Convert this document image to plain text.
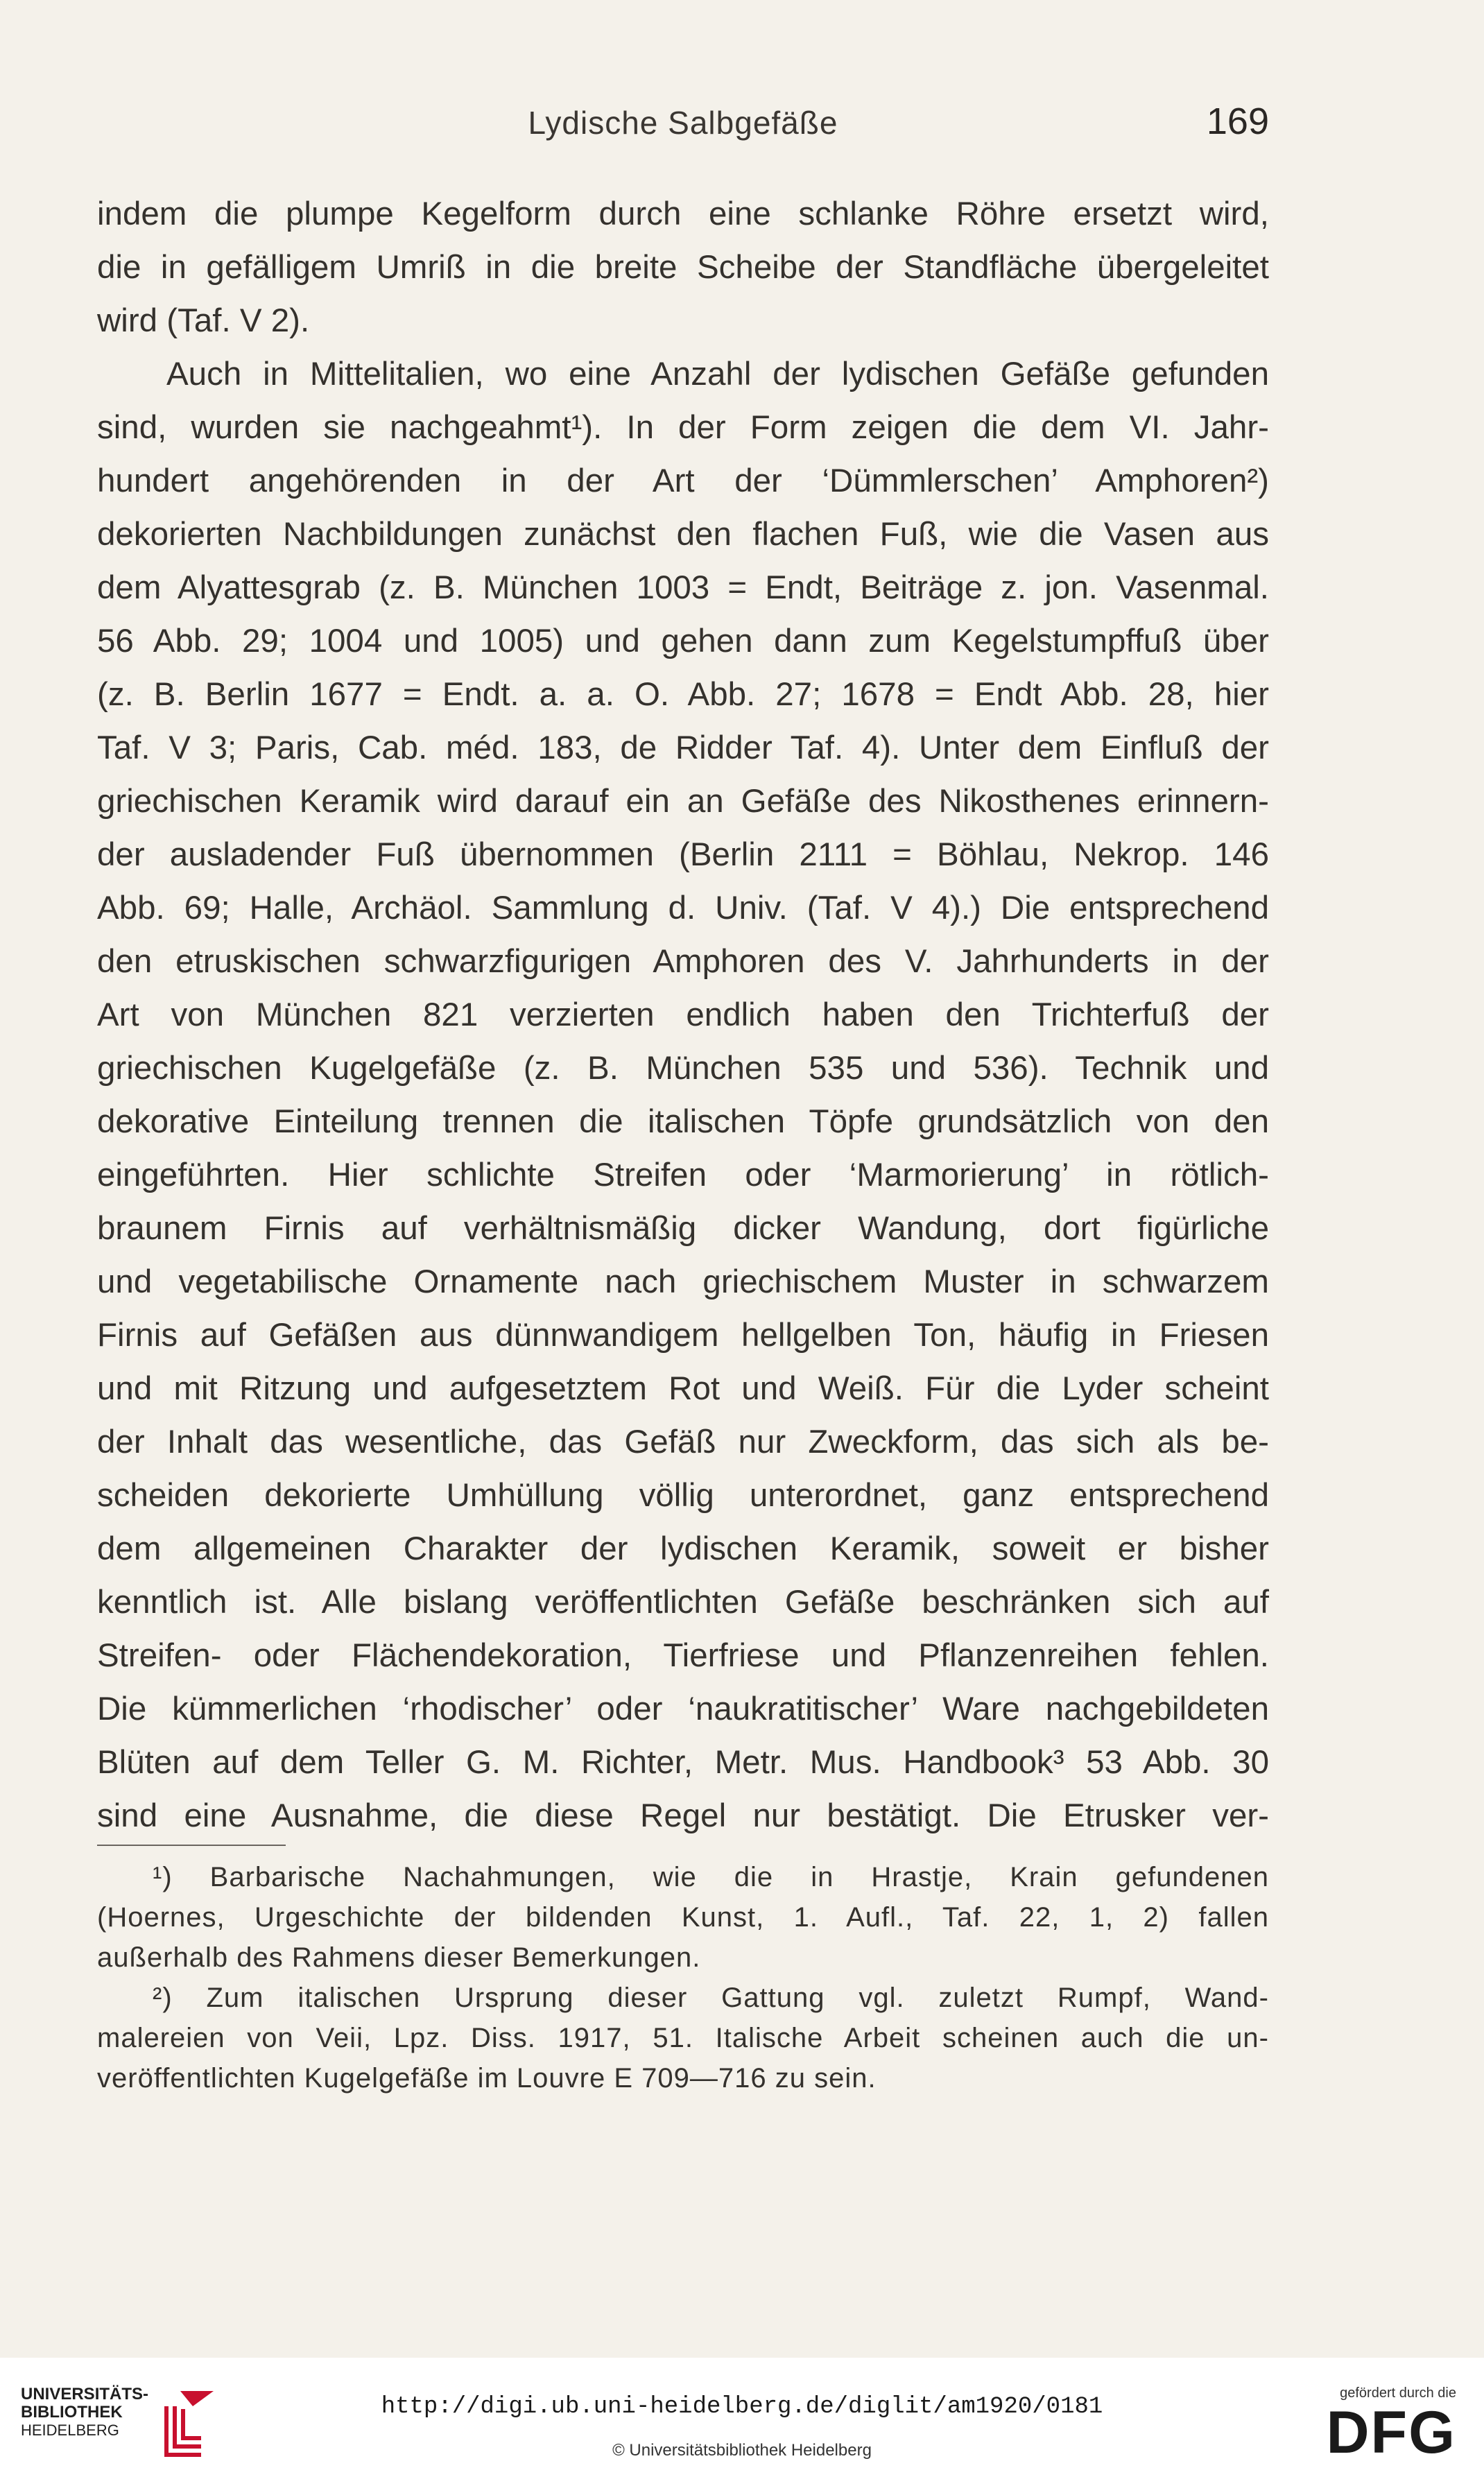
Lydische Salbgefäße	169
indem die plumpe Kegelform durch eine schlanke Röhre ersetzt wird,
die in gefälligem Umriß in die breite Scheibe der Standfläche übergeleitet
wird (Taf. V 2).
Auch in Mittelitalien, wo eine Anzahl der lydischen Gefäße gefunden
sind, wurden sie nachgeahmt¹). In der Form zeigen die dem VI. Jahr-
hundert angehörenden in der Art der ‘Dümmlerschen’ Amphoren²)
dekorierten Nachbildungen zunächst den flachen Fuß, wie die Vasen aus
dem Alyattesgrab (z. B. München 1003 = Endt, Beiträge z. jon. Vasenmal.
56 Abb. 29; 1004 und 1005) und gehen dann zum Kegelstumpffuß über
(z. B. Berlin 1677 = Endt. a. a. O. Abb. 27; 1678 = Endt Abb. 28, hier
Taf. V 3; Paris, Cab. méd. 183, de Ridder Taf. 4). Unter dem Einfluß der
griechischen Keramik wird darauf ein an Gefäße des Nikosthenes erinnern-
der ausladender Fuß übernommen (Berlin 2111 = Böhlau, Nekrop. 146
Abb. 69; Halle, Archäol. Sammlung d. Univ. (Taf. V 4).) Die entsprechend
den etruskischen schwarzfigurigen Amphoren des V. Jahrhunderts in der
Art von München 821 verzierten endlich haben den Trichterfuß der
griechischen Kugelgefäße (z. B. München 535 und 536). Technik und
dekorative Einteilung trennen die italischen Töpfe grundsätzlich von den
eingeführten. Hier schlichte Streifen oder ‘Marmorierung’ in rötlich-
braunem Firnis auf verhältnismäßig dicker Wandung, dort figürliche
und vegetabilische Ornamente nach griechischem Muster in schwarzem
Firnis auf Gefäßen aus dünnwandigem hellgelben Ton, häufig in Friesen
und mit Ritzung und aufgesetztem Rot und Weiß. Für die Lyder scheint
der Inhalt das wesentliche, das Gefäß nur Zweckform, das sich als be-
scheiden dekorierte Umhüllung völlig unterordnet, ganz entsprechend
dem allgemeinen Charakter der lydischen Keramik, soweit er bisher
kenntlich ist. Alle bislang veröffentlichten Gefäße beschränken sich auf
Streifen- oder Flächendekoration, Tierfriese und Pflanzenreihen fehlen.
Die kümmerlichen ‘rhodischer’ oder ‘naukratitischer’ Ware nachgebildeten
Blüten auf dem Teller G. M. Richter, Metr. Mus. Handbook³ 53 Abb. 30
sind eine Ausnahme, die diese Regel nur bestätigt. Die Etrusker ver-
¹) Barbarische Nachahmungen, wie die in Hrastje, Krain gefundenen
(Hoernes, Urgeschichte der bildenden Kunst, 1. Aufl., Taf. 22, 1, 2) fallen
außerhalb des Rahmens dieser Bemerkungen.
²) Zum italischen Ursprung dieser Gattung vgl. zuletzt Rumpf, Wand-
malereien von Veii, Lpz. Diss. 1917, 51. Italische Arbeit scheinen auch die un-
veröffentlichten Kugelgefäße im Louvre E 709—716 zu sein.
UNIVERSITÄTS-
BIBLIOTHEK
HEIDELBERG
http://digi.ub.uni-heidelberg.de/diglit/am1920/0181
© Universitätsbibliothek Heidelberg
gefördert durch die
DFG
